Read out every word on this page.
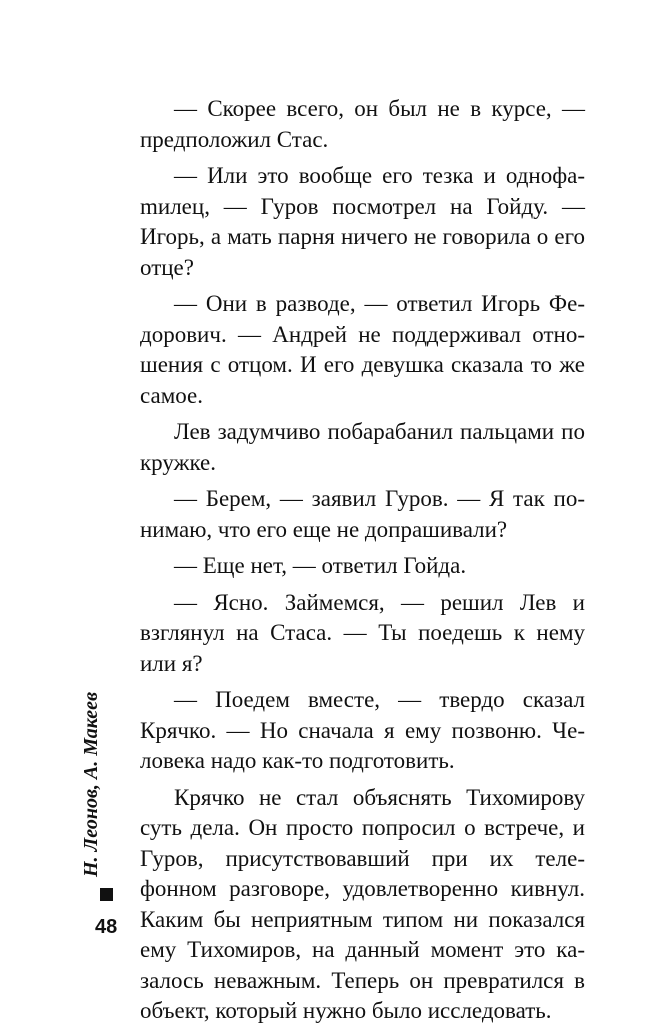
— Скорее всего, он был не в курсе, — предположил Стас.

— Или это вообще его тезка и однофаmилец, — Гуров посмотрел на Гойду. — Игорь, а мать парня ничего не говорила о его отце?

— Они в разводе, — ответил Игорь Федорович. — Андрей не поддерживал отношения с отцом. И его девушка сказала то же самое.

Лев задумчиво побарабанил пальцами по кружке.

— Берем, — заявил Гуров. — Я так понимаю, что его еще не допрашивали?

— Еще нет, — ответил Гойда.

— Ясно. Займемся, — решил Лев и взглянул на Стаса. — Ты поедешь к нему или я?

— Поедем вместе, — твердо сказал Крячко. — Но сначала я ему позвоню. Человека надо как-то подготовить.

Крячко не стал объяснять Тихомирову суть дела. Он просто попросил о встрече, и Гуров, присутствовавший при их телефонном разговоре, удовлетворенно кивнул. Каким бы неприятным типом ни показался ему Тихомиров, на данный момент это казалось неважным. Теперь он превратился в объект, который нужно было исследовать.

Н. Леонов, А. Макеев
48
